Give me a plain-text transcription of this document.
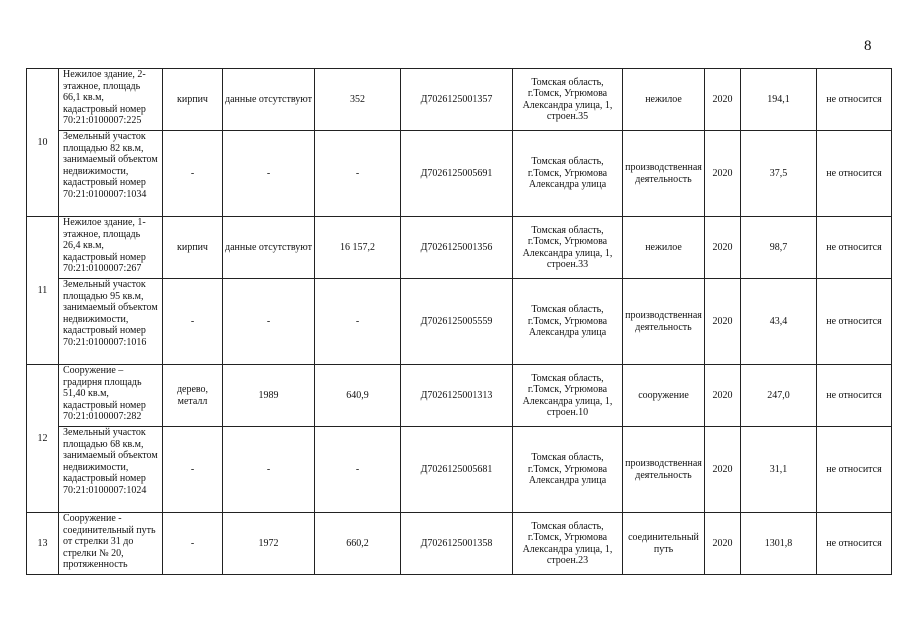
8
10	Нежилое здание, 2-этажное, площадь 66,1 кв.м, кадастровый номер 70:21:0100007:225	кирпич	данные отсутствуют	352	Д7026125001357	Томская область, г.Томск, Угрюмова Александра улица, 1, строен.35	нежилое	2020	194,1	не относится
	Земельный участок площадью 82 кв.м, занимаемый объектом недвижимости, кадастровый номер 70:21:0100007:1034	-	-	-	Д7026125005691	Томская область, г.Томск, Угрюмова Александра улица	производственная деятельность	2020	37,5	не относится
11	Нежилое здание, 1-этажное, площадь 26,4 кв.м, кадастровый номер 70:21:0100007:267	кирпич	данные отсутствуют	16 157,2	Д7026125001356	Томская область, г.Томск, Угрюмова Александра улица, 1, строен.33	нежилое	2020	98,7	не относится
	Земельный участок площадью 95 кв.м, занимаемый объектом недвижимости, кадастровый номер 70:21:0100007:1016	-	-	-	Д7026125005559	Томская область, г.Томск, Угрюмова Александра улица	производственная деятельность	2020	43,4	не относится
12	Сооружение – градирня площадь 51,40 кв.м, кадастровый номер 70:21:0100007:282	дерево, металл	1989	640,9	Д7026125001313	Томская область, г.Томск, Угрюмова Александра улица, 1, строен.10	сооружение	2020	247,0	не относится
	Земельный участок площадью 68 кв.м, занимаемый объектом недвижимости, кадастровый номер 70:21:0100007:1024	-	-	-	Д7026125005681	Томская область, г.Томск, Угрюмова Александра улица	производственная деятельность	2020	31,1	не относится
13	Сооружение - соединительный путь от стрелки 31 до стрелки № 20, протяженность	-	1972	660,2	Д7026125001358	Томская область, г.Томск, Угрюмова Александра улица, 1, строен.23	соединительный путь	2020	1301,8	не относится
